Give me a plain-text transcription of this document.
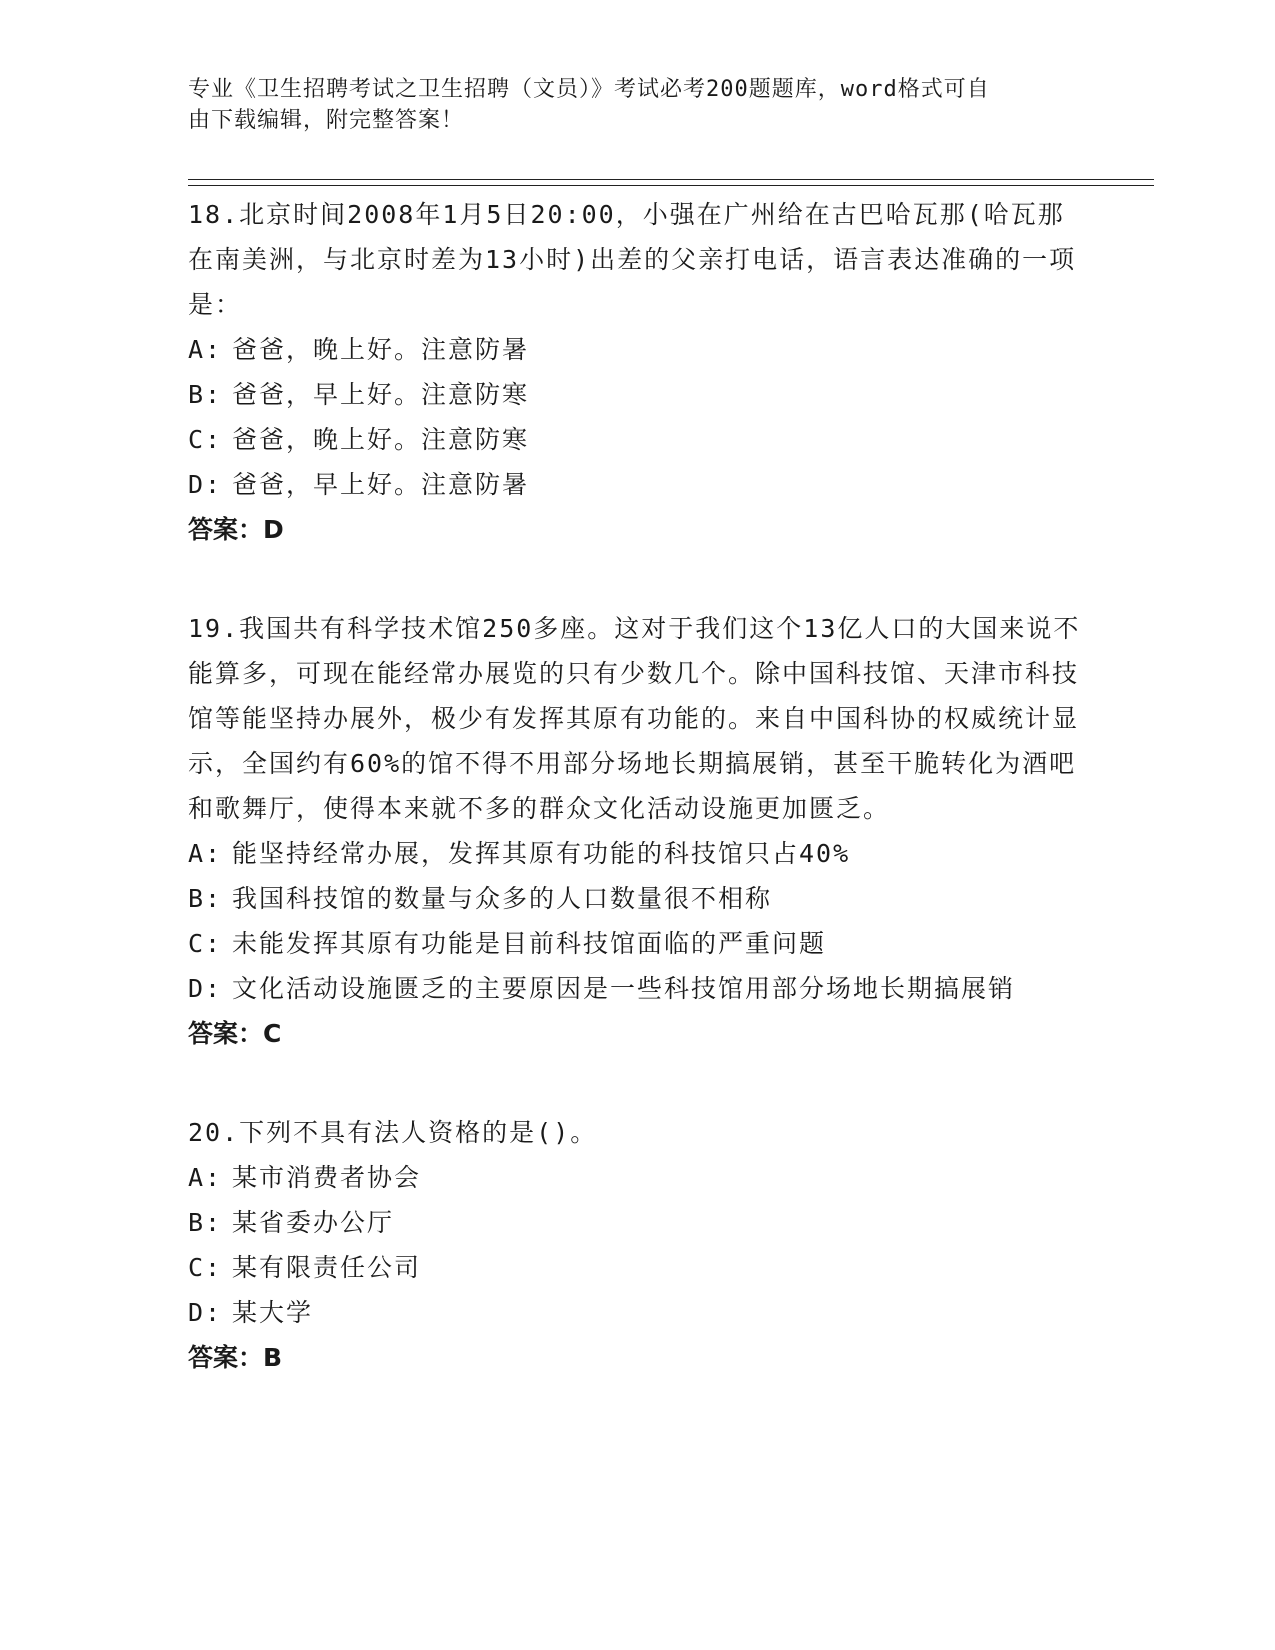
专业《卫生招聘考试之卫生招聘（文员）》考试必考200题题库，word格式可自
由下载编辑，附完整答案！

18.北京时间2008年1月5日20:00，小强在广州给在古巴哈瓦那(哈瓦那在南美洲，与北京时差为13小时)出差的父亲打电话，语言表达准确的一项是：

A: 爸爸，晚上好。注意防暑

B: 爸爸，早上好。注意防寒

C: 爸爸，晚上好。注意防寒

D: 爸爸，早上好。注意防暑

答案：D

19.我国共有科学技术馆250多座。这对于我们这个13亿人口的大国来说不能算多，可现在能经常办展览的只有少数几个。除中国科技馆、天津市科技馆等能坚持办展外，极少有发挥其原有功能的。来自中国科协的权威统计显示，全国约有60%的馆不得不用部分场地长期搞展销，甚至干脆转化为酒吧和歌舞厅，使得本来就不多的群众文化活动设施更加匮乏。

A: 能坚持经常办展，发挥其原有功能的科技馆只占40%

B: 我国科技馆的数量与众多的人口数量很不相称

C: 未能发挥其原有功能是目前科技馆面临的严重问题

D: 文化活动设施匮乏的主要原因是一些科技馆用部分场地长期搞展销

答案：C

20.下列不具有法人资格的是()。

A: 某市消费者协会

B: 某省委办公厅

C: 某有限责任公司

D: 某大学

答案：B
